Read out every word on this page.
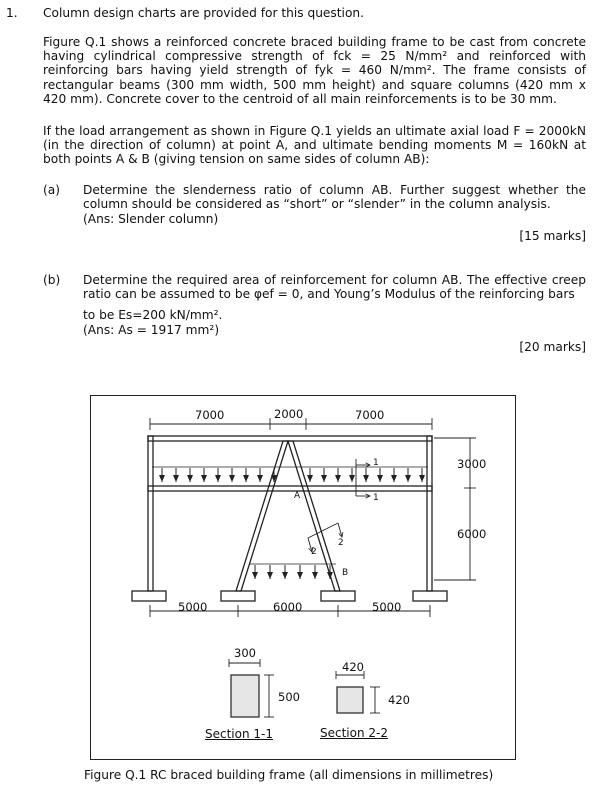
1. Column design charts are provided for this question.

Figure Q.1 shows a reinforced concrete braced building frame to be cast from concrete having cylindrical compressive strength of fck = 25 N/mm² and reinforced with reinforcing bars having yield strength of fyk = 460 N/mm². The frame consists of rectangular beams (300 mm width, 500 mm height) and square columns (420 mm x 420 mm). Concrete cover to the centroid of all main reinforcements is to be 30 mm.

If the load arrangement as shown in Figure Q.1 yields an ultimate axial load F = 2000kN (in the direction of column) at point A, and ultimate bending moments M = 160kN at both points A & B (giving tension on same sides of column AB):

(a) Determine the slenderness ratio of column AB. Further suggest whether the column should be considered as “short” or “slender” in the column analysis.

(Ans: Slender column)

[15 marks]
(b) Determine the required area of reinforcement for column AB. The effective creep ratio can be assumed to be φef = 0, and Young’s Modulus of the reinforcing bars

to be Es=200 kN/mm².

(Ans: As = 1917 mm²)

[20 marks]
7000	2000	7000
3000
6000
5000	6000	5000
A
B
1
1
2
2
300
500
Section 1-1
420
420
Section 2-2
Figure Q.1 RC braced building frame (all dimensions in millimetres)
